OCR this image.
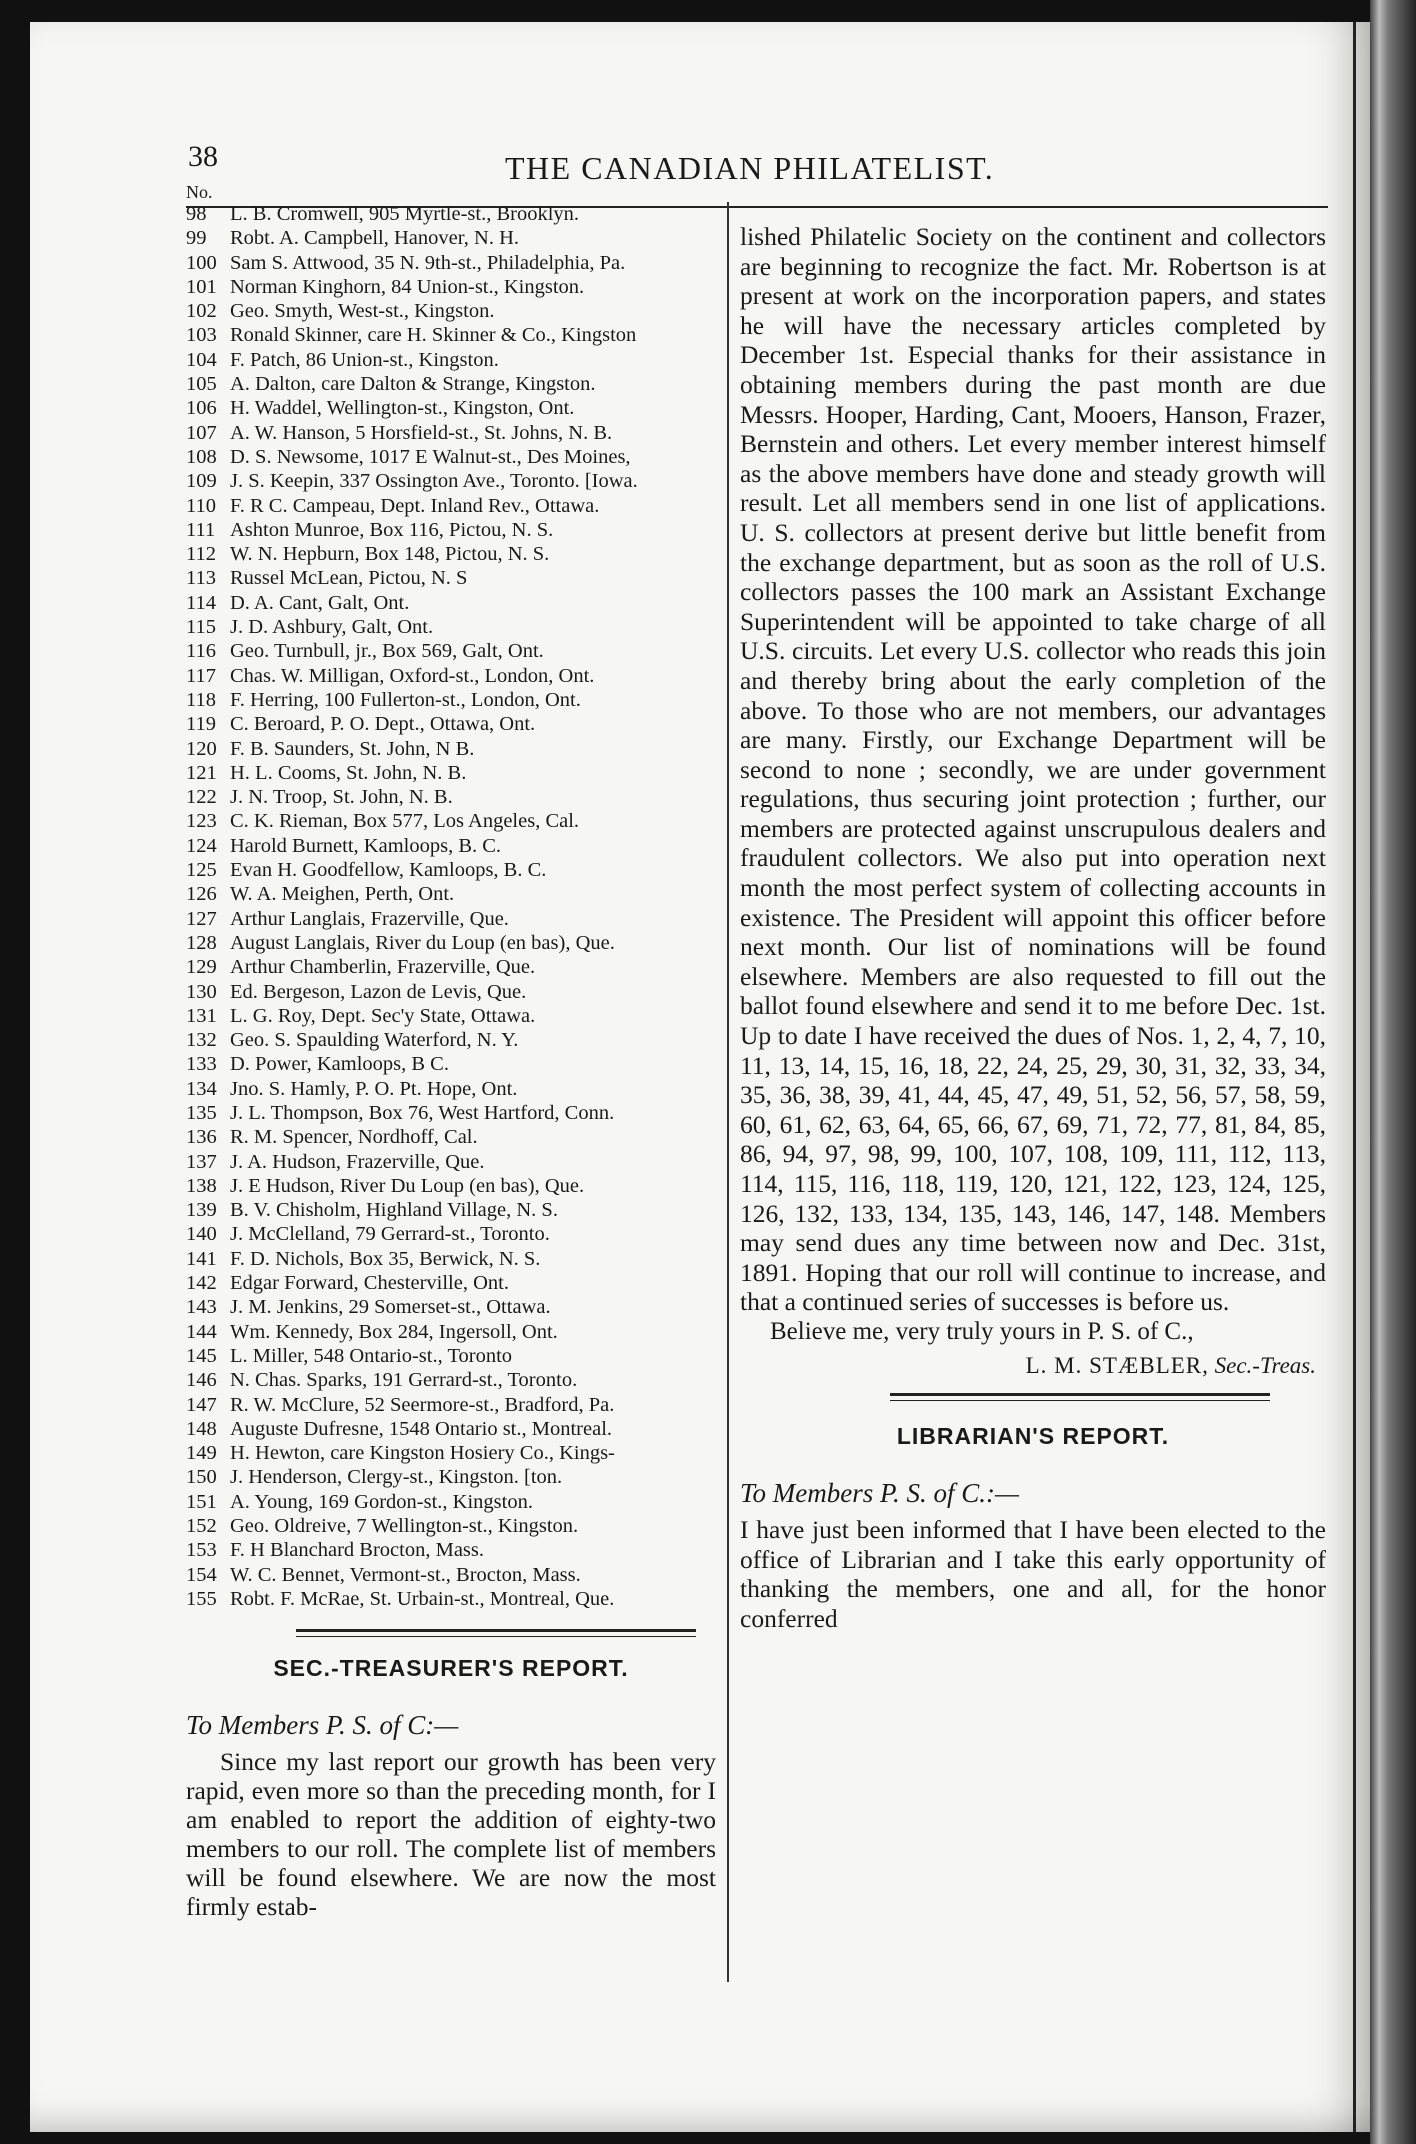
38	THE CANADIAN PHILATELIST.
No.
98	L. B. Cromwell, 905 Myrtle-st., Brooklyn.
99	Robt. A. Campbell, Hanover, N. H.
100 Sam S. Attwood, 35 N. 9th-st., Philadelphia, Pa.
101 Norman Kinghorn, 84 Union-st., Kingston.
102 Geo. Smyth, West-st., Kingston.
103 Ronald Skinner, care H. Skinner & Co., Kingston
104 F. Patch, 86 Union-st., Kingston.
105 A. Dalton, care Dalton & Strange, Kingston.
106 H. Waddel, Wellington-st., Kingston, Ont.
107 A. W. Hanson, 5 Horsfield-st., St. Johns, N. B.
108 D. S. Newsome, 1017 E Walnut-st., Des Moines,
109 J. S. Keepin, 337 Ossington Ave., Toronto. [Iowa.
110 F. R C. Campeau, Dept. Inland Rev., Ottawa.
111 Ashton Munroe, Box 116, Pictou, N. S.
112 W. N. Hepburn, Box 148, Pictou, N. S.
113 Russel McLean, Pictou, N. S
114 D. A. Cant, Galt, Ont.
115 J. D. Ashbury, Galt, Ont.
116 Geo. Turnbull, jr., Box 569, Galt, Ont.
117 Chas. W. Milligan, Oxford-st., London, Ont.
118 F. Herring, 100 Fullerton-st., London, Ont.
119 C. Beroard, P. O. Dept., Ottawa, Ont.
120 F. B. Saunders, St. John, N B.
121 H. L. Cooms, St. John, N. B.
122 J. N. Troop, St. John, N. B.
123 C. K. Rieman, Box 577, Los Angeles, Cal.
124 Harold Burnett, Kamloops, B. C.
125 Evan H. Goodfellow, Kamloops, B. C.
126 W. A. Meighen, Perth, Ont.
127 Arthur Langlais, Frazerville, Que.
128 August Langlais, River du Loup (en bas), Que.
129 Arthur Chamberlin, Frazerville, Que.
130 Ed. Bergeson, Lazon de Levis, Que.
131 L. G. Roy, Dept. Sec'y State, Ottawa.
132 Geo. S. Spaulding Waterford, N. Y.
133 D. Power, Kamloops, B C.
134 Jno. S. Hamly, P. O. Pt. Hope, Ont.
135 J. L. Thompson, Box 76, West Hartford, Conn.
136 R. M. Spencer, Nordhoff, Cal.
137 J. A. Hudson, Frazerville, Que.
138 J. E Hudson, River Du Loup (en bas), Que.
139 B. V. Chisholm, Highland Village, N. S.
140 J. McClelland, 79 Gerrard-st., Toronto.
141 F. D. Nichols, Box 35, Berwick, N. S.
142 Edgar Forward, Chesterville, Ont.
143 J. M. Jenkins, 29 Somerset-st., Ottawa.
144 Wm. Kennedy, Box 284, Ingersoll, Ont.
145 L. Miller, 548 Ontario-st., Toronto
146 N. Chas. Sparks, 191 Gerrard-st., Toronto.
147 R. W. McClure, 52 Seermore-st., Bradford, Pa.
148 Auguste Dufresne, 1548 Ontario st., Montreal.
149 H. Hewton, care Kingston Hosiery Co., Kings-
150 J. Henderson, Clergy-st., Kingston. [ton.
151 A. Young, 169 Gordon-st., Kingston.
152 Geo. Oldreive, 7 Wellington-st., Kingston.
153 F. H Blanchard Brocton, Mass.
154 W. C. Bennet, Vermont-st., Brocton, Mass.
155 Robt. F. McRae, St. Urbain-st., Montreal, Que.
SEC.-TREASURER'S REPORT.
To Members P. S. of C:—

Since my last report our growth has been very rapid, even more so than the preceding month, for I am enabled to report the addition of eighty-two members to our roll. The complete list of members will be found elsewhere. We are now the most firmly estab-

lished Philatelic Society on the continent and collectors are beginning to recognize the fact. Mr. Robertson is at present at work on the incorporation papers, and states he will have the necessary articles completed by December 1st. Especial thanks for their assistance in obtaining members during the past month are due Messrs. Hooper, Harding, Cant, Mooers, Hanson, Frazer, Bernstein and others. Let every member interest himself as the above members have done and steady growth will result. Let all members send in one list of applications. U. S. collectors at present derive but little benefit from the exchange department, but as soon as the roll of U.S. collectors passes the 100 mark an Assistant Exchange Superintendent will be appointed to take charge of all U.S. circuits. Let every U.S. collector who reads this join and thereby bring about the early completion of the above. To those who are not members, our advantages are many. Firstly, our Exchange Department will be second to none ; secondly, we are under government regulations, thus securing joint protection ; further, our members are protected against unscrupulous dealers and fraudulent collectors. We also put into operation next month the most perfect system of collecting accounts in existence. The President will appoint this officer before next month. Our list of nominations will be found elsewhere. Members are also requested to fill out the ballot found elsewhere and send it to me before Dec. 1st. Up to date I have received the dues of Nos. 1, 2, 4, 7, 10, 11, 13, 14, 15, 16, 18, 22, 24, 25, 29, 30, 31, 32, 33, 34, 35, 36, 38, 39, 41, 44, 45, 47, 49, 51, 52, 56, 57, 58, 59, 60, 61, 62, 63, 64, 65, 66, 67, 69, 71, 72, 77, 81, 84, 85, 86, 94, 97, 98, 99, 100, 107, 108, 109, 111, 112, 113, 114, 115, 116, 118, 119, 120, 121, 122, 123, 124, 125, 126, 132, 133, 134, 135, 143, 146, 147, 148. Members may send dues any time between now and Dec. 31st, 1891. Hoping that our roll will continue to increase, and that a continued series of successes is before us.

Believe me, very truly yours in P. S. of C.,

L. M. STÆBLER, Sec.-Treas.

LIBRARIAN'S REPORT.
To Members P. S. of C.:—

I have just been informed that I have been elected to the office of Librarian and I take this early opportunity of thanking the members, one and all, for the honor conferred
